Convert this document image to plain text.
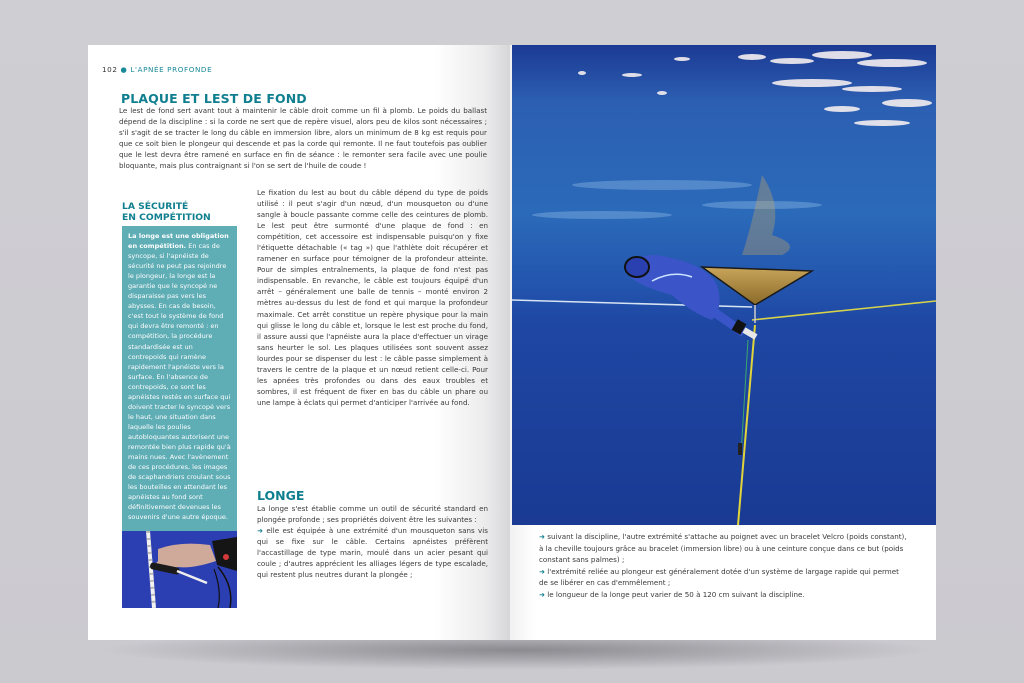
102 ● L'APNÉE PROFONDE
PLAQUE ET LEST DE FOND

Le lest de fond sert avant tout à maintenir le câble droit comme un fil à plomb. Le poids du ballast dépend de la discipline : si la corde ne sert que de repère visuel, alors peu de kilos sont nécessaires ; s'il s'agit de se tracter le long du câble en immersion libre, alors un minimum de 8 kg est requis pour que ce soit bien le plongeur qui descende et pas la corde qui remonte. Il ne faut toutefois pas oublier que le lest devra être ramené en surface en fin de séance : le remonter sera facile avec une poulie bloquante, mais plus contraignant si l'on se sert de l'huile de coude !

LA SÉCURITÉ
EN COMPÉTITION
La longe est une obligation en compétition. En cas de syncope, si l'apnéiste de sécurité ne peut pas rejoindre le plongeur, la longe est la garantie que le syncopé ne disparaisse pas vers les abysses. En cas de besoin, c'est tout le système de fond qui devra être remonté : en compétition, la procédure standardisée est un contrepoids qui ramène rapidement l'apnéiste vers la surface. En l'absence de contrepoids, ce sont les apnéistes restés en surface qui doivent tracter le syncopé vers le haut, une situation dans laquelle les poulies autobloquantes autorisent une remontée bien plus rapide qu'à mains nues. Avec l'avènement de ces procédures, les images de scaphandriers croulant sous les bouteilles en attendant les apnéistes au fond sont définitivement devenues les souvenirs d'une autre époque.

Le fixation du lest au bout du câble dépend du type de poids utilisé : il peut s'agir d'un nœud, d'un mousqueton ou d'une sangle à boucle passante comme celle des ceintures de plomb. Le lest peut être surmonté d'une plaque de fond : en compétition, cet accessoire est indispensable puisqu'on y fixe l'étiquette détachable (« tag ») que l'athlète doit récupérer et ramener en surface pour témoigner de la profondeur atteinte. Pour de simples entraînements, la plaque de fond n'est pas indispensable. En revanche, le câble est toujours équipé d'un arrêt – généralement une balle de tennis – monté environ 2 mètres au-dessus du lest de fond et qui marque la profondeur maximale. Cet arrêt constitue un repère physique pour la main qui glisse le long du câble et, lorsque le lest est proche du fond, il assure aussi que l'apnéiste aura la place d'effectuer un virage sans heurter le sol. Les plaques utilisées sont souvent assez lourdes pour se dispenser du lest : le câble passe simplement à travers le centre de la plaque et un nœud retient celle-ci. Pour les apnées très profondes ou dans des eaux troubles et sombres, il est fréquent de fixer en bas du câble un phare ou une lampe à éclats qui permet d'anticiper l'arrivée au fond.

LONGE

La longe s'est établie comme un outil de sécurité standard en plongée profonde ; ses propriétés doivent être les suivantes :

➜ elle est équipée à une extrémité d'un mousqueton sans vis qui se fixe sur le câble. Certains apnéistes préfèrent l'accastillage de type marin, moulé dans un acier pesant qui coule ; d'autres apprécient les alliages légers de type escalade, qui restent plus neutres durant la plongée ;

➜ suivant la discipline, l'autre extrémité s'attache au poignet avec un bracelet Velcro (poids constant), à la cheville toujours grâce au bracelet (immersion libre) ou à une ceinture conçue dans ce but (poids constant sans palmes) ;

➜ l'extrémité reliée au plongeur est généralement dotée d'un système de largage rapide qui permet de se libérer en cas d'emmêlement ;

➜ le longueur de la longe peut varier de 50 à 120 cm suivant la discipline.
